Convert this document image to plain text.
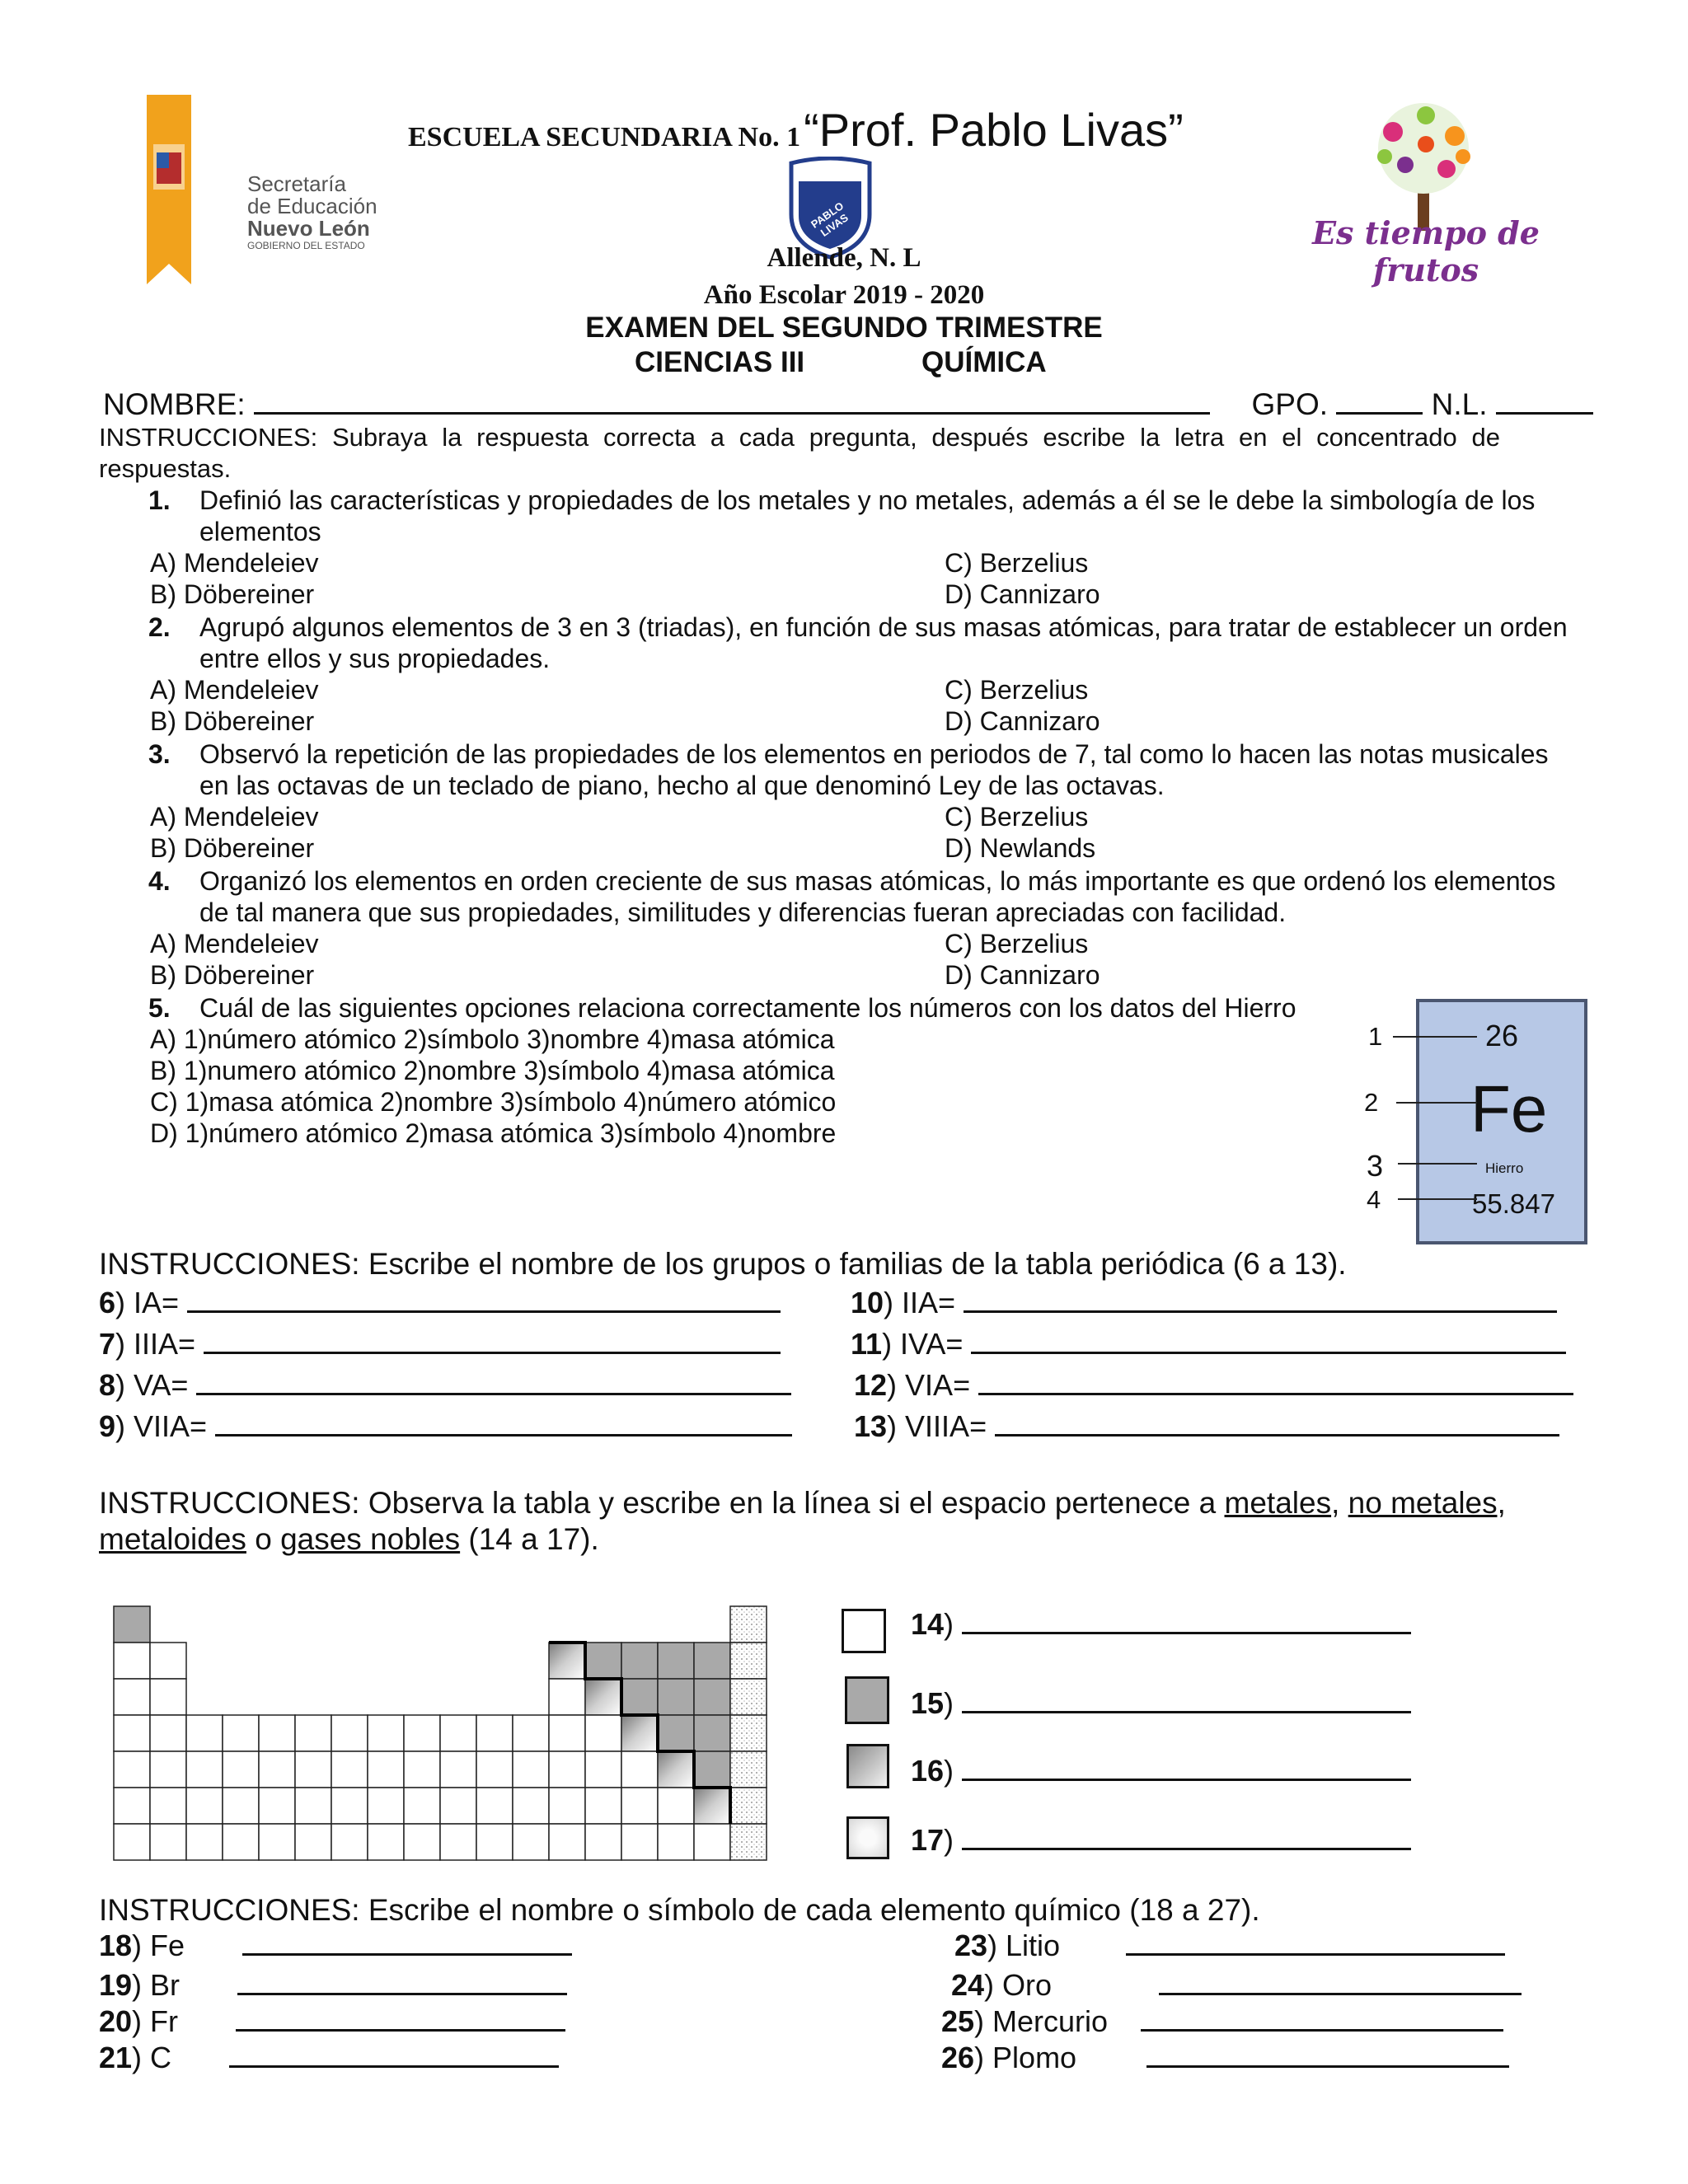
Secretaría
de Educación
Nuevo León
GOBIERNO DEL ESTADO
ESCUELA SECUNDARIA No. 1 “Prof. Pablo Livas”
PABLO LIVAS	Es tiempo de frutos
Allende, N. L
Año Escolar 2019 - 2020
EXAMEN DEL SEGUNDO TRIMESTRE
CIENCIAS III	QUÍMICA
NOMBRE:	GPO.	N.L.
INSTRUCCIONES: Subraya la respuesta correcta a cada pregunta, después escribe la letra en el concentrado de respuestas.
1. Definió las características y propiedades de los metales y no metales, además a él se le debe la simbología de los elementos
A) Mendeleiev
B) Döbereiner
C) Berzelius
D) Cannizaro
2. Agrupó algunos elementos de 3 en 3 (triadas), en función de sus masas atómicas, para tratar de establecer un orden entre ellos y sus propiedades.
A) Mendeleiev
B) Döbereiner
C) Berzelius
D) Cannizaro
3. Observó la repetición de las propiedades de los elementos en periodos de 7, tal como lo hacen las notas musicales en las octavas de un teclado de piano, hecho al que denominó Ley de las octavas.
A) Mendeleiev
B) Döbereiner
C) Berzelius
D) Newlands
4. Organizó los elementos en orden creciente de sus masas atómicas, lo más importante es que ordenó los elementos de tal manera que sus propiedades, similitudes y diferencias fueran apreciadas con facilidad.
A) Mendeleiev
B) Döbereiner
C) Berzelius
D) Cannizaro
5. Cuál de las siguientes opciones relaciona correctamente los números con los datos del Hierro
A) 1)número atómico 2)símbolo 3)nombre 4)masa atómica
B) 1)numero atómico 2)nombre 3)símbolo 4)masa atómica
C) 1)masa atómica 2)nombre 3)símbolo 4)número atómico
D) 1)número atómico 2)masa atómica 3)símbolo 4)nombre
26
Fe
Hierro
55.847
1
2
3
4
INSTRUCCIONES: Escribe el nombre de los grupos o familias de la tabla periódica (6 a 13).
6) IA=	10) IIA=
7) IIIA=	11) IVA=
8) VA=	12) VIA=
9) VIIA=	13) VIIIA=
INSTRUCCIONES: Observa la tabla y escribe en la línea si el espacio pertenece a metales, no metales,
metaloides o gases nobles (14 a 17).
14)
15)
16)
17)
INSTRUCCIONES: Escribe el nombre o símbolo de cada elemento químico (18 a 27).
18) Fe	23) Litio
19) Br	24) Oro
20) Fr	25) Mercurio
21) C	26) Plomo
